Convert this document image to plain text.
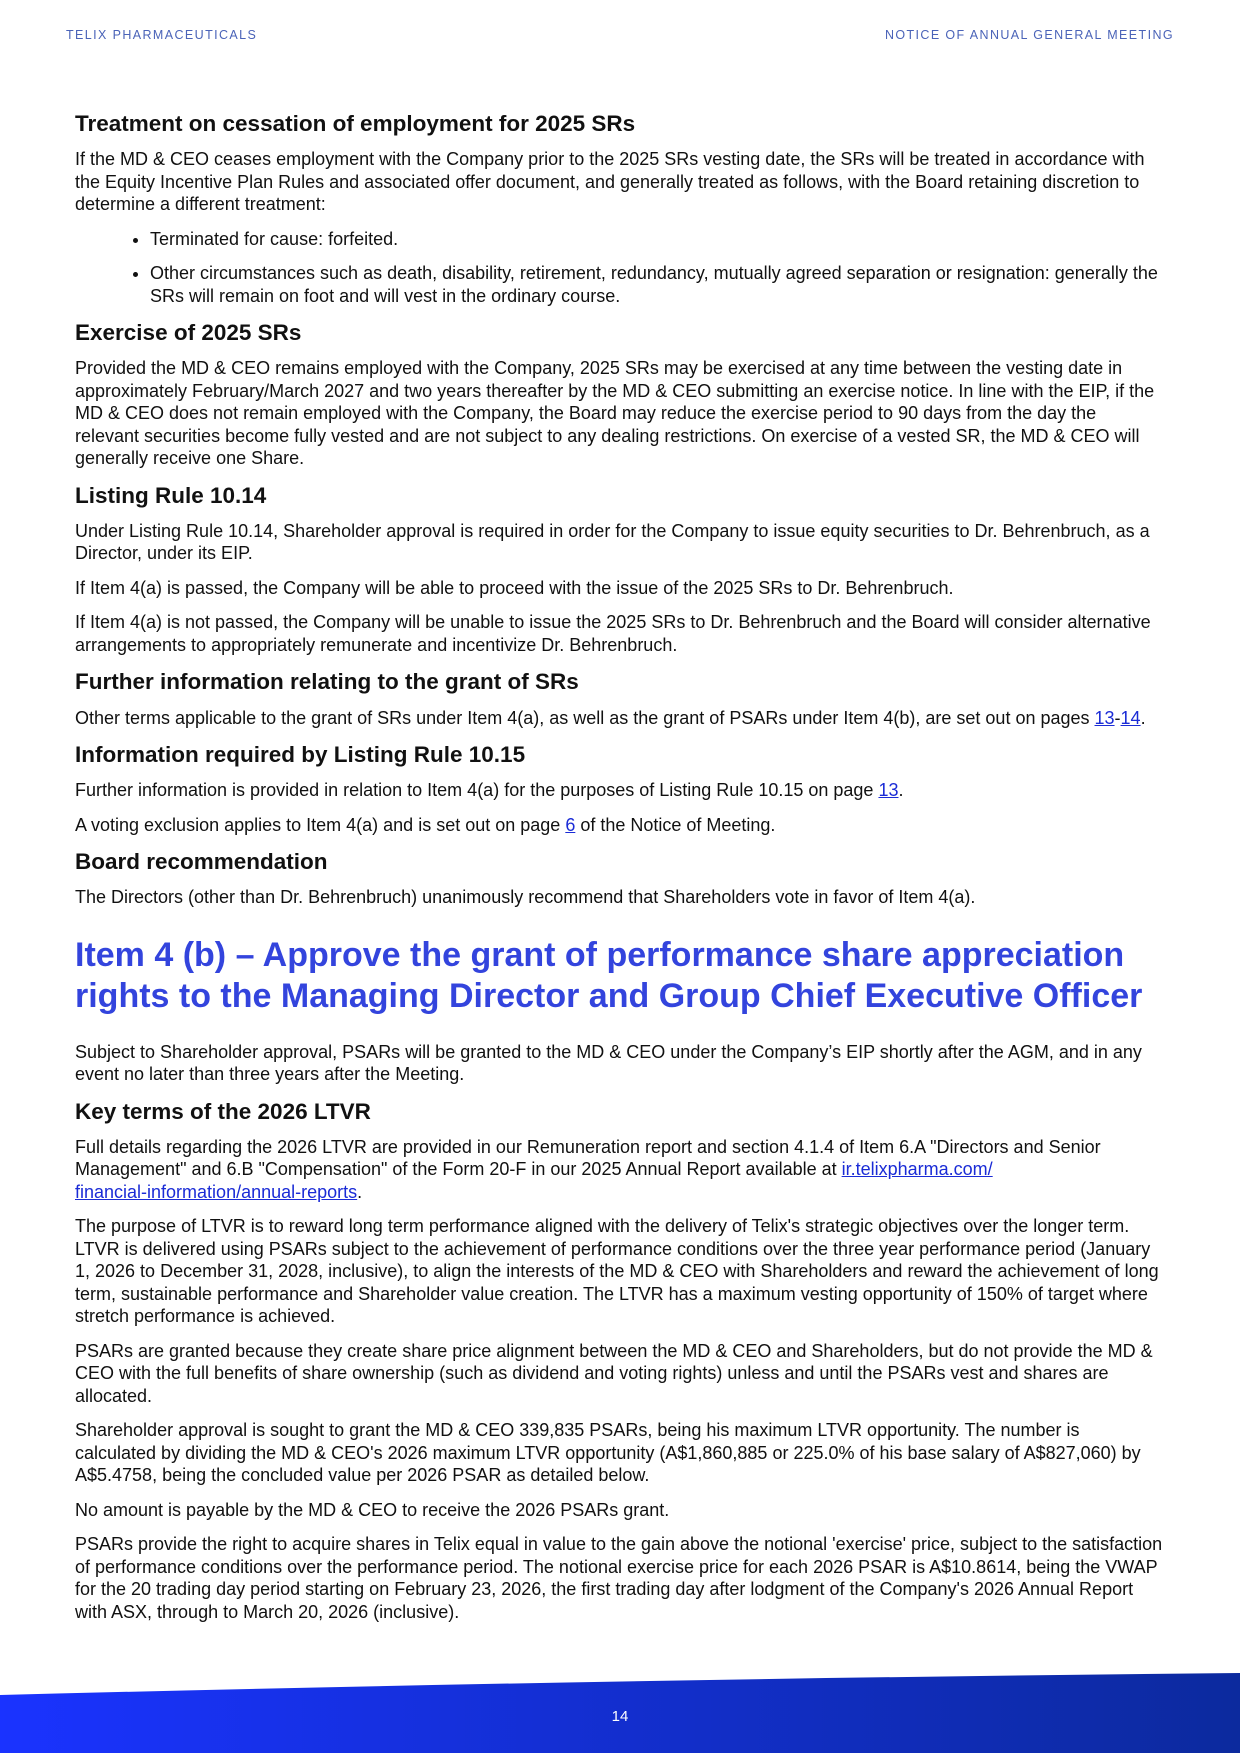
TELIX PHARMACEUTICALS	NOTICE OF ANNUAL GENERAL MEETING
Treatment on cessation of employment for 2025 SRs

If the MD & CEO ceases employment with the Company prior to the 2025 SRs vesting date, the SRs will be treated in accordance with the Equity Incentive Plan Rules and associated offer document, and generally treated as follows, with the Board retaining discretion to determine a different treatment:

• Terminated for cause: forfeited.
• Other circumstances such as death, disability, retirement, redundancy, mutually agreed separation or resignation: generally the SRs will remain on foot and will vest in the ordinary course.
Exercise of 2025 SRs

Provided the MD & CEO remains employed with the Company, 2025 SRs may be exercised at any time between the vesting date in approximately February/March 2027 and two years thereafter by the MD & CEO submitting an exercise notice. In line with the EIP, if the MD & CEO does not remain employed with the Company, the Board may reduce the exercise period to 90 days from the day the relevant securities become fully vested and are not subject to any dealing restrictions. On exercise of a vested SR, the MD & CEO will generally receive one Share.

Listing Rule 10.14

Under Listing Rule 10.14, Shareholder approval is required in order for the Company to issue equity securities to Dr. Behrenbruch, as a Director, under its EIP.

If Item 4(a) is passed, the Company will be able to proceed with the issue of the 2025 SRs to Dr. Behrenbruch.

If Item 4(a) is not passed, the Company will be unable to issue the 2025 SRs to Dr. Behrenbruch and the Board will consider alternative arrangements to appropriately remunerate and incentivize Dr. Behrenbruch.

Further information relating to the grant of SRs

Other terms applicable to the grant of SRs under Item 4(a), as well as the grant of PSARs under Item 4(b), are set out on pages 13-14.

Information required by Listing Rule 10.15

Further information is provided in relation to Item 4(a) for the purposes of Listing Rule 10.15 on page 13.

A voting exclusion applies to Item 4(a) and is set out on page 6 of the Notice of Meeting.

Board recommendation

The Directors (other than Dr. Behrenbruch) unanimously recommend that Shareholders vote in favor of Item 4(a).

Item 4 (b) – Approve the grant of performance share appreciation rights to the Managing Director and Group Chief Executive Officer

Subject to Shareholder approval, PSARs will be granted to the MD & CEO under the Company’s EIP shortly after the AGM, and in any event no later than three years after the Meeting.

Key terms of the 2026 LTVR

Full details regarding the 2026 LTVR are provided in our Remuneration report and section 4.1.4 of Item 6.A "Directors and Senior Management" and 6.B "Compensation" of the Form 20-F in our 2025 Annual Report available at ir.telixpharma.com/
financial-information/annual-reports.

The purpose of LTVR is to reward long term performance aligned with the delivery of Telix's strategic objectives over the longer term. LTVR is delivered using PSARs subject to the achievement of performance conditions over the three year performance period (January 1, 2026 to December 31, 2028, inclusive), to align the interests of the MD & CEO with Shareholders and reward the achievement of long term, sustainable performance and Shareholder value creation. The LTVR has a maximum vesting opportunity of 150% of target where stretch performance is achieved.

PSARs are granted because they create share price alignment between the MD & CEO and Shareholders, but do not provide the MD & CEO with the full benefits of share ownership (such as dividend and voting rights) unless and until the PSARs vest and shares are allocated.

Shareholder approval is sought to grant the MD & CEO 339,835 PSARs, being his maximum LTVR opportunity. The number is calculated by dividing the MD & CEO's 2026 maximum LTVR opportunity (A$1,860,885 or 225.0% of his base salary of A$827,060) by A$5.4758, being the concluded value per 2026 PSAR as detailed below.

No amount is payable by the MD & CEO to receive the 2026 PSARs grant.

PSARs provide the right to acquire shares in Telix equal in value to the gain above the notional 'exercise' price, subject to the satisfaction of performance conditions over the performance period. The notional exercise price for each 2026 PSAR is A$10.8614, being the VWAP for the 20 trading day period starting on February 23, 2026, the first trading day after lodgment of the Company's 2026 Annual Report with ASX, through to March 20, 2026 (inclusive).

14
